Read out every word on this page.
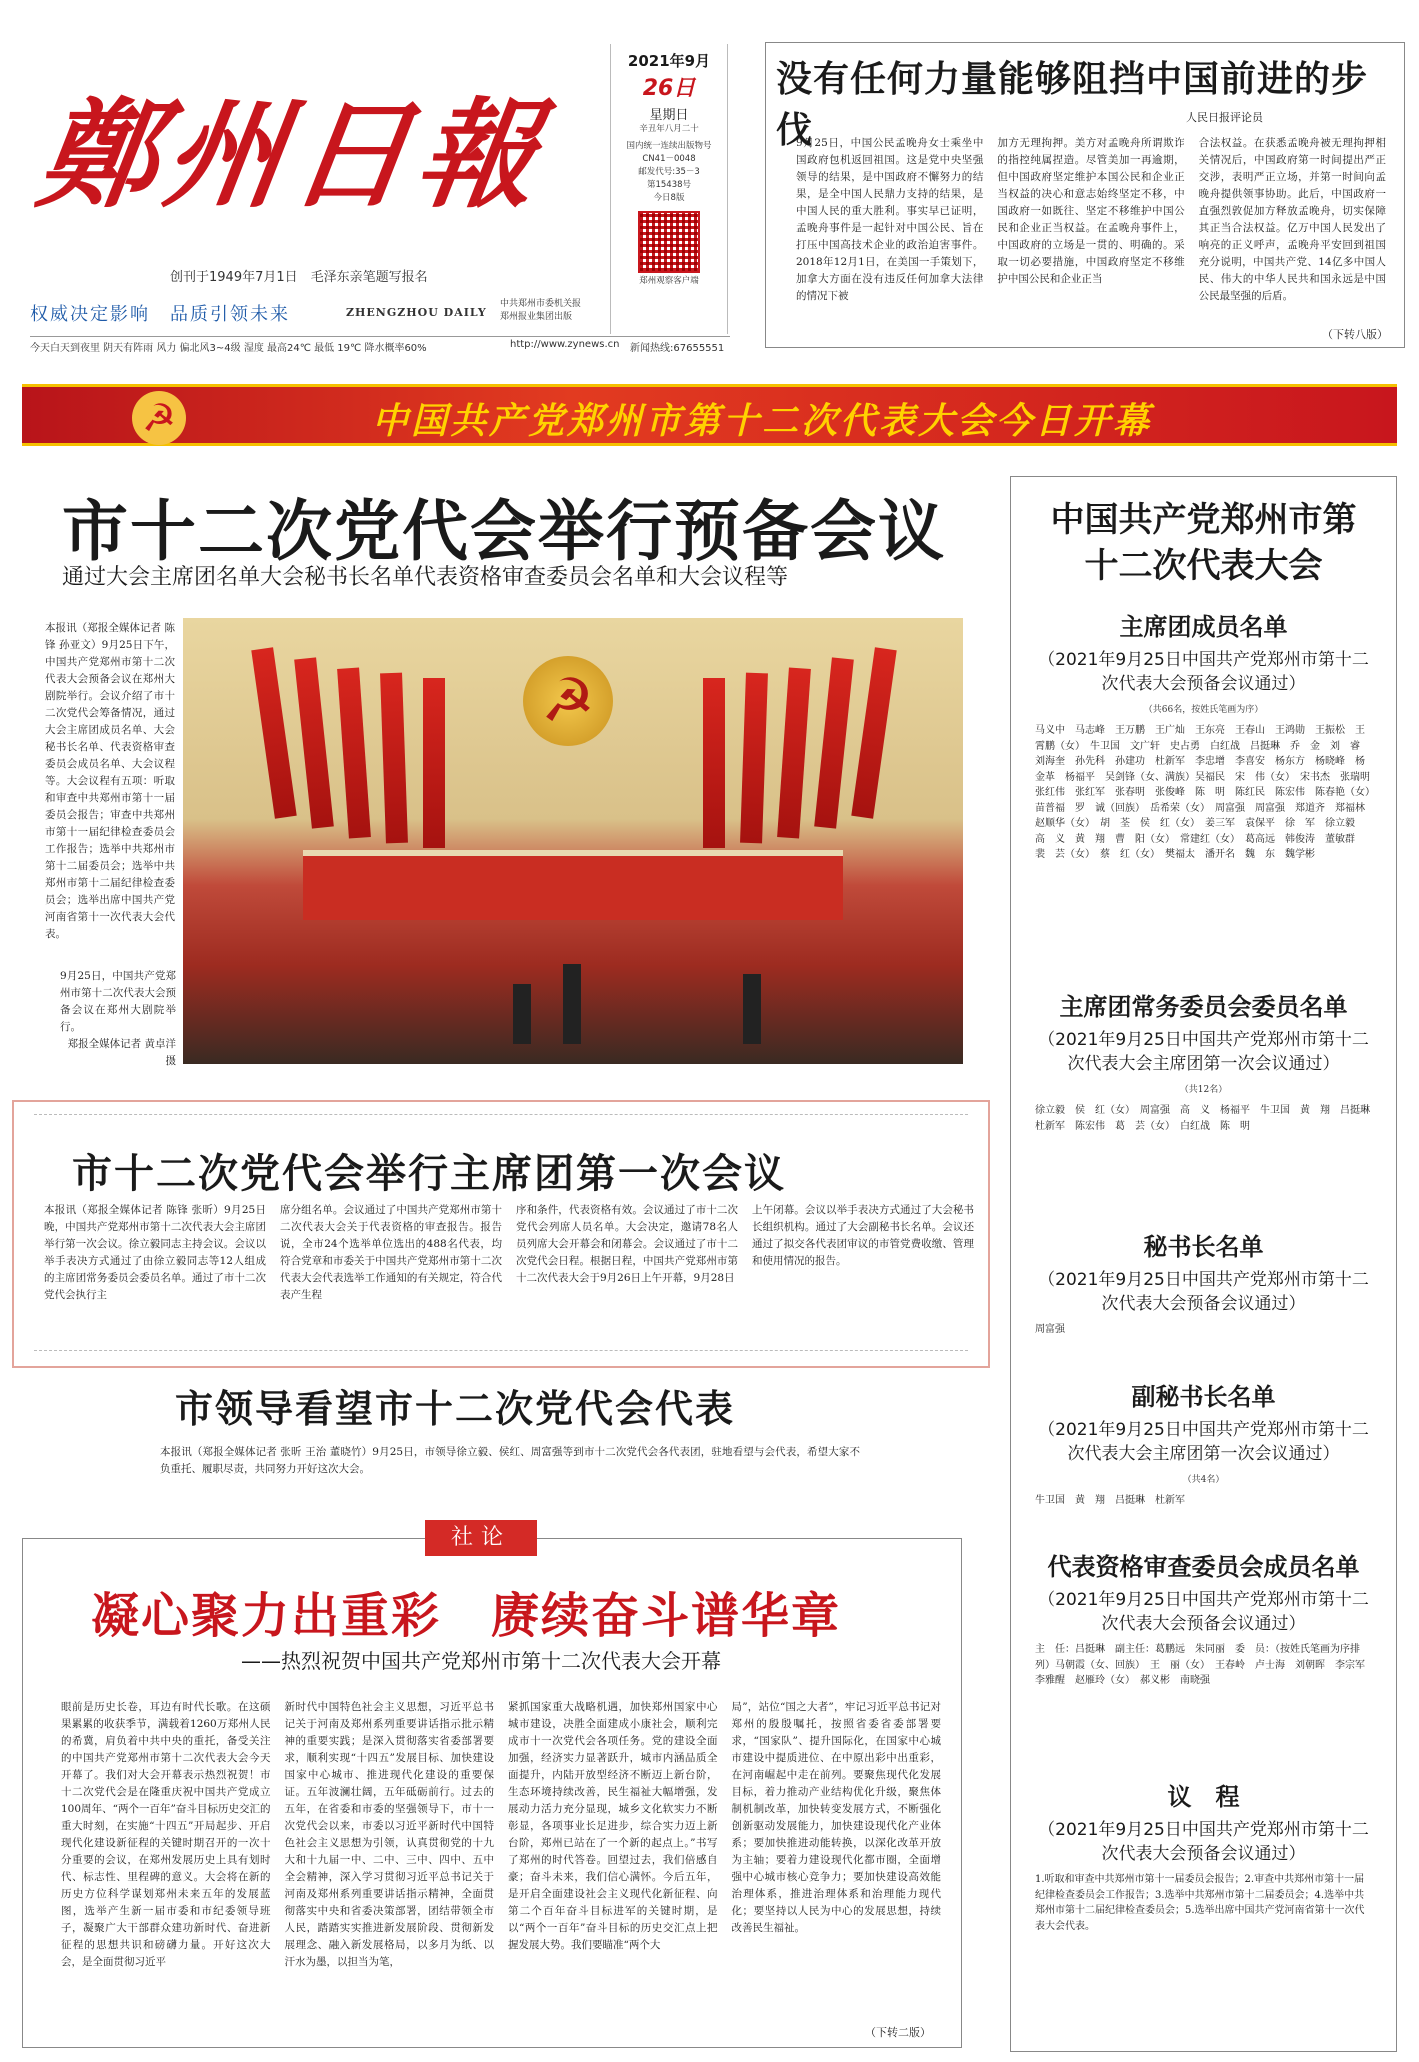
鄭州日報
创刊于1949年7月1日　毛泽东亲笔题写报名
权威决定影响　品质引领未来	ZHENGZHOU DAILY
中共郑州市委机关报
郑州报业集团出版
今天白天到夜里 阴天有阵雨 风力 偏北风3~4级 湿度 最高24℃ 最低 19℃ 降水概率60%	http://www.zynews.cn 新闻热线:67655551
2021年9月
26日
星期日
辛丑年八月二十
国内统一连续出版物号
CN41－0048
邮发代号:35－3
第15438号
今日8版
郑州观察客户端
没有任何力量能够阻挡中国前进的步伐	人民日报评论员
9月25日，中国公民孟晚舟女士乘坐中国政府包机返回祖国。这是党中央坚强领导的结果，是中国政府不懈努力的结果，是全中国人民鼎力支持的结果，是中国人民的重大胜利。事实早已证明，孟晚舟事件是一起针对中国公民、旨在打压中国高技术企业的政治迫害事件。2018年12月1日，在美国一手策划下，加拿大方面在没有违反任何加拿大法律的情况下被
加方无理拘押。美方对孟晚舟所谓欺诈的指控纯属捏造。尽管美加一再逾期，但中国政府坚定维护本国公民和企业正当权益的决心和意志始终坚定不移，中国政府一如既往、坚定不移维护中国公民和企业正当权益。在孟晚舟事件上，中国政府的立场是一贯的、明确的。采取一切必要措施，中国政府坚定不移维护中国公民和企业正当
合法权益。在获悉孟晚舟被无理拘押相关情况后，中国政府第一时间提出严正交涉，表明严正立场，并第一时间向孟晚舟提供领事协助。此后，中国政府一直强烈敦促加方释放孟晚舟，切实保障其正当合法权益。亿万中国人民发出了响亮的正义呼声，孟晚舟平安回到祖国充分说明，中国共产党、14亿多中国人民、伟大的中华人民共和国永远是中国公民最坚强的后盾。
（下转八版）
☭	中国共产党郑州市第十二次代表大会今日开幕
市十二次党代会举行预备会议
通过大会主席团名单大会秘书长名单代表资格审查委员会名单和大会议程等
本报讯（郑报全媒体记者 陈锋 孙亚文）9月25日下午，中国共产党郑州市第十二次代表大会预备会议在郑州大剧院举行。会议介绍了市十二次党代会筹备情况，通过大会主席团成员名单、大会秘书长名单、代表资格审查委员会成员名单、大会议程等。大会议程有五项：听取和审查中共郑州市第十一届委员会报告；审查中共郑州市第十一届纪律检查委员会工作报告；选举中共郑州市第十二届委员会；选举中共郑州市第十二届纪律检查委员会；选举出席中国共产党河南省第十一次代表大会代表。
☭
9月25日，中国共产党郑州市第十二次代表大会预备会议在郑州大剧院举行。
郑报全媒体记者 黄卓洋 摄
市十二次党代会举行主席团第一次会议
本报讯（郑报全媒体记者 陈锋 张昕）9月25日晚，中国共产党郑州市第十二次代表大会主席团举行第一次会议。徐立毅同志主持会议。会议以举手表决方式通过了由徐立毅同志等12人组成的主席团常务委员会委员名单。通过了市十二次党代会执行主
席分组名单。会议通过了中国共产党郑州市第十二次代表大会关于代表资格的审查报告。报告说，全市24个选举单位选出的488名代表，均符合党章和市委关于中国共产党郑州市第十二次代表大会代表选举工作通知的有关规定，符合代表产生程
序和条件，代表资格有效。会议通过了市十二次党代会列席人员名单。大会决定，邀请78名人员列席大会开幕会和闭幕会。会议通过了市十二次党代会日程。根据日程，中国共产党郑州市第十二次代表大会于9月26日上午开幕，9月28日
上午闭幕。会议以举手表决方式通过了大会秘书长组织机构。通过了大会副秘书长名单。会议还通过了拟交各代表团审议的市管党费收缴、管理和使用情况的报告。
市领导看望市十二次党代会代表
本报讯（郑报全媒体记者 张昕 王治 董晓竹）9月25日，市领导徐立毅、侯红、周富强等到市十二次党代会各代表团，驻地看望与会代表，希望大家不负重托、履职尽责，共同努力开好这次大会。
凝心聚力出重彩　赓续奋斗谱华章
——热烈祝贺中国共产党郑州市第十二次代表大会开幕
眼前是历史长卷，耳边有时代长歌。在这硕果累累的收获季节，满载着1260万郑州人民的希冀，肩负着中共中央的重托，备受关注的中国共产党郑州市第十二次代表大会今天开幕了。我们对大会开幕表示热烈祝贺！市十二次党代会是在隆重庆祝中国共产党成立100周年、“两个一百年”奋斗目标历史交汇的重大时刻，在实施“十四五”开局起步、开启现代化建设新征程的关键时期召开的一次十分重要的会议，在郑州发展历史上具有划时代、标志性、里程碑的意义。大会将在新的历史方位科学谋划郑州未来五年的发展蓝图，选举产生新一届市委和市纪委领导班子，凝聚广大干部群众建功新时代、奋进新征程的思想共识和磅礴力量。开好这次大会，是全面贯彻习近平
新时代中国特色社会主义思想，习近平总书记关于河南及郑州系列重要讲话指示批示精神的重要实践；是深入贯彻落实省委部署要求，顺利实现“十四五”发展目标、加快建设国家中心城市、推进现代化建设的重要保证。五年波澜壮阔，五年砥砺前行。过去的五年，在省委和市委的坚强领导下，市十一次党代会以来，市委以习近平新时代中国特色社会主义思想为引领，认真贯彻党的十九大和十九届一中、二中、三中、四中、五中全会精神，深入学习贯彻习近平总书记关于河南及郑州系列重要讲话指示精神，全面贯彻落实中央和省委决策部署，团结带领全市人民，踏踏实实推进新发展阶段、贯彻新发展理念、融入新发展格局，以多月为纸、以汗水为墨，以担当为笔，
紧抓国家重大战略机遇，加快郑州国家中心城市建设，决胜全面建成小康社会，顺利完成市十一次党代会各项任务。党的建设全面加强，经济实力显著跃升，城市内涵品质全面提升，内陆开放型经济不断迈上新台阶，生态环境持续改善，民生福祉大幅增强，发展动力活力充分显现，城乡文化软实力不断彰显，各项事业长足进步，综合实力迈上新台阶，郑州已站在了一个新的起点上。”书写了郑州的时代答卷。回望过去，我们倍感自豪；奋斗未来，我们信心满怀。今后五年，是开启全面建设社会主义现代化新征程、向第二个百年奋斗目标进军的关键时期，是以“两个一百年”奋斗目标的历史交汇点上把握发展大势。我们要瞄准“两个大
局”，站位“国之大者”，牢记习近平总书记对郑州的殷殷嘱托，按照省委省委部署要求，“国家队”、提升国际化，在国家中心城市建设中提质进位、在中原出彩中出重彩，在河南崛起中走在前列。要聚焦现代化发展目标，着力推动产业结构优化升级，聚焦体制机制改革，加快转变发展方式，不断强化创新驱动发展能力，加快建设现代化产业体系；要加快推进动能转换，以深化改革开放为主轴；要着力建设现代化都市圈，全面增强中心城市核心竞争力；要加快建设高效能治理体系，推进治理体系和治理能力现代化；要坚持以人民为中心的发展思想，持续改善民生福祉。
（下转二版）
社论
中国共产党郑州市第十二次代表大会
主席团成员名单
（2021年9月25日中国共产党郑州市第十二次代表大会预备会议通过）
（共66名，按姓氏笔画为序）
马义中　马志峰　王万鹏　王广灿　王东亮　王春山　王鸿勋　王振松　王霄鹏（女）　牛卫国　文广轩　史占勇　白红战　吕挺琳　乔　金　刘　睿　刘海奎　孙先科　孙建功　杜新军　李忠增　李喜安　杨东方　杨晓峰　杨金革　杨福平　吴剑锋（女、满族）吴福民　宋　伟（女）　宋书杰　张瑞明　张红伟　张红军　张春明　张俊峰　陈　明　陈红民　陈宏伟　陈春艳（女）　苗普福　罗　诚（回族）　岳希荣（女）　周富强　周富强　郑道齐　郑福林　赵顺华（女）　胡　荃　侯　红（女）　姜三军　袁保平　徐　军　徐立毅　高　义　黄　翔　曹　阳（女）　常建红（女）　葛高远　韩俊涛　董敏群　裴　芸（女）　蔡　红（女）　樊福太　潘开名　魏　东　魏学彬
主席团常务委员会委员名单
（2021年9月25日中国共产党郑州市第十二次代表大会主席团第一次会议通过）
（共12名）
徐立毅　侯　红（女）　周富强　高　义　杨福平　牛卫国　黄　翔　吕挺琳　杜新军　陈宏伟　葛　芸（女）　白红战　陈　明
秘书长名单
（2021年9月25日中国共产党郑州市第十二次代表大会预备会议通过）
周富强
副秘书长名单
（2021年9月25日中国共产党郑州市第十二次代表大会主席团第一次会议通过）
（共4名）
牛卫国　黄　翔　吕挺琳　杜新军
代表资格审查委员会成员名单
（2021年9月25日中国共产党郑州市第十二次代表大会预备会议通过）
主　任：吕挺琳　副主任：葛鹏远　朱同丽　委　员：（按姓氏笔画为序排列）马朝霞（女、回族）　王　丽（女）　王春岭　卢士海　刘朝晖　李宗军　李雅醒　赵雁玲（女）　郝义彬　南晓强
议　程
（2021年9月25日中国共产党郑州市第十二次代表大会预备会议通过）
1.听取和审查中共郑州市第十一届委员会报告；2.审查中共郑州市第十一届纪律检查委员会工作报告；3.选举中共郑州市第十二届委员会；4.选举中共郑州市第十二届纪律检查委员会；5.选举出席中国共产党河南省第十一次代表大会代表。
